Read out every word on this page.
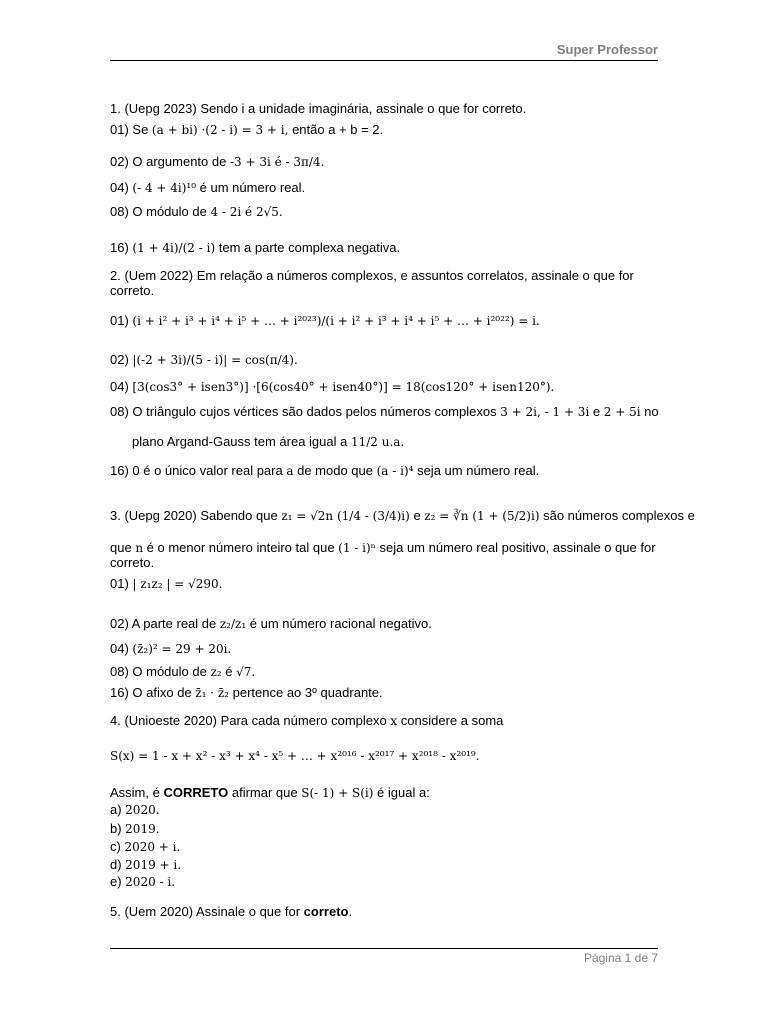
Super Professor
1. (Uepg 2023) Sendo i a unidade imaginária, assinale o que for correto.
01) Se (a + bi) ·(2 - i) = 3 + i, então a + b = 2.
02) O argumento de -3 + 3i é - 3π/4.
04) (- 4 + 4i)¹⁰ é um número real.
08) O módulo de 4 - 2i é 2√5.
16) (1 + 4i)/(2 - i) tem a parte complexa negativa.
2. (Uem 2022) Em relação a números complexos, e assuntos correlatos, assinale o que for
correto.
01) (i + i² + i³ + i⁴ + i⁵ + … + i²⁰²³)/(i + i² + i³ + i⁴ + i⁵ + … + i²⁰²²) = i.
02) |(-2 + 3i)/(5 - i)| = cos(π/4).
04) [3(cos3° + isen3°)] ·[6(cos40° + isen40°)] = 18(cos120° + isen120°).
08) O triângulo cujos vértices são dados pelos números complexos 3 + 2i, - 1 + 3i e 2 + 5i no
plano Argand-Gauss tem área igual a 11/2 u.a.
16) 0 é o único valor real para a de modo que (a - i)⁴ seja um número real.
3. (Uepg 2020) Sabendo que z₁ = √2n (1/4 - (3/4)i) e z₂ = ∛n (1 + (5/2)i) são números complexos e
que n é o menor número inteiro tal que (1 - i)ⁿ seja um número real positivo, assinale o que for
correto.
01) | z₁z₂ | = √290.
02) A parte real de z₂/z₁ é um número racional negativo.
04) (z̄₂)² = 29 + 20i.
08) O módulo de z₂ é √7.
16) O afixo de z̄₁ · z̄₂ pertence ao 3º quadrante.
4. (Unioeste 2020) Para cada número complexo x considere a soma
S(x) = 1 - x + x² - x³ + x⁴ - x⁵ + … + x²⁰¹⁶ - x²⁰¹⁷ + x²⁰¹⁸ - x²⁰¹⁹.
Assim, é CORRETO afirmar que S(- 1) + S(i) é igual a:
a) 2020.
b) 2019.
c) 2020 + i.
d) 2019 + i.
e) 2020 - i.
5. (Uem 2020) Assinale o que for correto.
Página 1 de 7
